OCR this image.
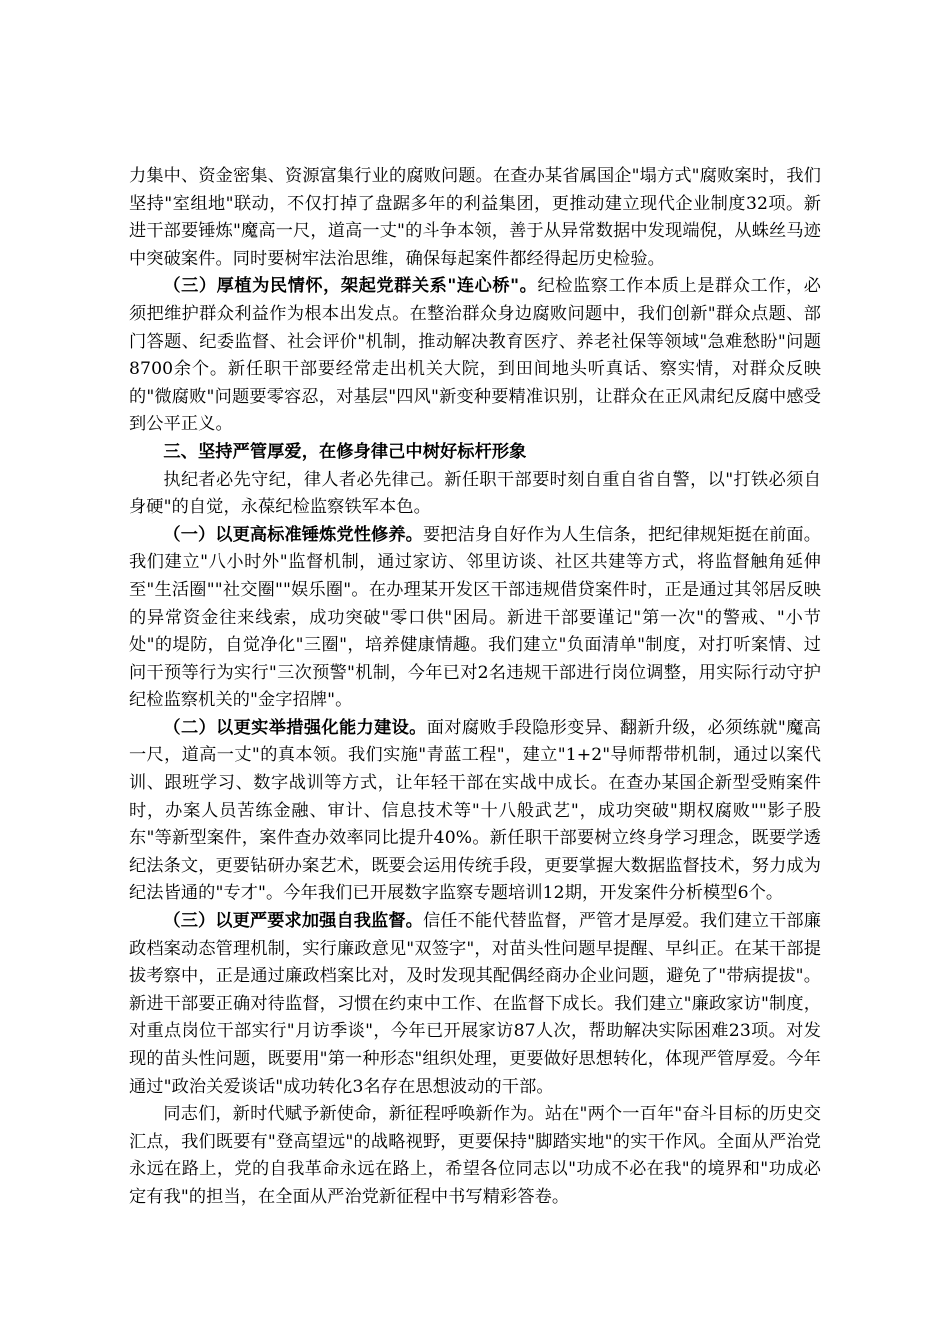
力集中、资金密集、资源富集行业的腐败问题。在查办某省属国企"塌方式"腐败案时，我们坚持"室组地"联动，不仅打掉了盘踞多年的利益集团，更推动建立现代企业制度32项。新进干部要锤炼"魔高一尺，道高一丈"的斗争本领，善于从异常数据中发现端倪，从蛛丝马迹中突破案件。同时要树牢法治思维，确保每起案件都经得起历史检验。

（三）厚植为民情怀，架起党群关系"连心桥"。纪检监察工作本质上是群众工作，必须把维护群众利益作为根本出发点。在整治群众身边腐败问题中，我们创新"群众点题、部门答题、纪委监督、社会评价"机制，推动解决教育医疗、养老社保等领域"急难愁盼"问题8700余个。新任职干部要经常走出机关大院，到田间地头听真话、察实情，对群众反映的"微腐败"问题要零容忍，对基层"四风"新变种要精准识别，让群众在正风肃纪反腐中感受到公平正义。

三、坚持严管厚爱，在修身律己中树好标杆形象

执纪者必先守纪，律人者必先律己。新任职干部要时刻自重自省自警，以"打铁必须自身硬"的自觉，永葆纪检监察铁军本色。

（一）以更高标准锤炼党性修养。要把洁身自好作为人生信条，把纪律规矩挺在前面。我们建立"八小时外"监督机制，通过家访、邻里访谈、社区共建等方式，将监督触角延伸至"生活圈""社交圈""娱乐圈"。在办理某开发区干部违规借贷案件时，正是通过其邻居反映的异常资金往来线索，成功突破"零口供"困局。新进干部要谨记"第一次"的警戒、"小节处"的堤防，自觉净化"三圈"，培养健康情趣。我们建立"负面清单"制度，对打听案情、过问干预等行为实行"三次预警"机制，今年已对2名违规干部进行岗位调整，用实际行动守护纪检监察机关的"金字招牌"。

（二）以更实举措强化能力建设。面对腐败手段隐形变异、翻新升级，必须练就"魔高一尺，道高一丈"的真本领。我们实施"青蓝工程"，建立"1+2"导师帮带机制，通过以案代训、跟班学习、数字战训等方式，让年轻干部在实战中成长。在查办某国企新型受贿案件时，办案人员苦练金融、审计、信息技术等"十八般武艺"，成功突破"期权腐败""影子股东"等新型案件，案件查办效率同比提升40%。新任职干部要树立终身学习理念，既要学透纪法条文，更要钻研办案艺术，既要会运用传统手段，更要掌握大数据监督技术，努力成为纪法皆通的"专才"。今年我们已开展数字监察专题培训12期，开发案件分析模型6个。

（三）以更严要求加强自我监督。信任不能代替监督，严管才是厚爱。我们建立干部廉政档案动态管理机制，实行廉政意见"双签字"，对苗头性问题早提醒、早纠正。在某干部提拔考察中，正是通过廉政档案比对，及时发现其配偶经商办企业问题，避免了"带病提拔"。新进干部要正确对待监督，习惯在约束中工作、在监督下成长。我们建立"廉政家访"制度，对重点岗位干部实行"月访季谈"，今年已开展家访87人次，帮助解决实际困难23项。对发现的苗头性问题，既要用"第一种形态"组织处理，更要做好思想转化，体现严管厚爱。今年通过"政治关爱谈话"成功转化3名存在思想波动的干部。

同志们，新时代赋予新使命，新征程呼唤新作为。站在"两个一百年"奋斗目标的历史交汇点，我们既要有"登高望远"的战略视野，更要保持"脚踏实地"的实干作风。全面从严治党永远在路上，党的自我革命永远在路上，希望各位同志以"功成不必在我"的境界和"功成必定有我"的担当，在全面从严治党新征程中书写精彩答卷。
